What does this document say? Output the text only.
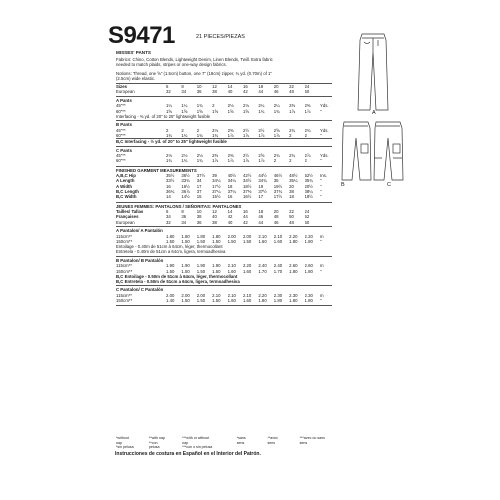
S9471	21 PIECES/PIEZAS
MISSES' PANTS
Fabrics: Chino, Cotton Blends, Lightweight Denim, Linen Blends, Twill. Extra fabric needed to match plaids, stripes or one-way design fabrics.
Notions: Thread, one ⅝" (1.5cm) button, one 7" (18cm) zipper, ¾ yd. (0.70m) of 1" (2.5cm) wide elastic.
Sizes	6	8	10	12	14	16	18	20	22	24	
European	32	34	36	38	40	42	44	46	48	50	
A Pants
45"**	1¼	1¼	1¾	2	2⅛	2⅛	2¼	2¼	2⅜	2⅜	Yds.
60"**	1⅝	1⅝	1⅝	1⅝	1⅝	1⅝	1¾	1¾	1⅞	1⅞	"
Interfacing - ⅜ yd. of 20" to 25" lightweight fusible
B Pants
45"**	2	2	2	2⅛	2⅜	2½	2½	2⅝	2¾	2¾	Yds.
60"**	1¾	1¾	1¾	1¾	1⅞	1⅞	1⅞	1⅞	2	2	"
B,C Interfacing - ½ yd. of 20" to 25" lightweight fusible
C Pants
45"**	2⅛	2⅛	2⅛	2⅜	2⅜	2½	2⅝	2¾	2¾	2⅞	Yds.
60"**	1¾	1¾	1¾	1⅞	1⅞	1⅞	1⅞	2	2	2	"
FINISHED GARMENT MEASUREMENTS
A,B,C Hip	35½	36½	37½	39	40½	42½	44½	46½	48½	52½	Ins.
A Length	33½	33¾	34	34¼	34¼	34½	34¾	35	35¼	35¾	"
A Width	16	16½	17	17½	18	18½	19	19½	20	20½	"
B,C Length	36¾	36⅞	37	37¼	37¼	37⅜	37½	37¾	38	38¼	"
B,C Width	14	14½	15	15½	16	16½	17	17½	18	18½	"
JEUNES FEMMES: PANTALONS / SEÑORITAS: PANTALONES
Tailles/ Tallas	6	8	10	12	14	16	18	20	22	24	
Françaises	34	36	38	40	42	44	46	48	50	52	
European	32	34	36	38	40	42	44	46	48	50	
A Pantalon/ A Pantalón
115cm**	1.80	1.80	1.80	1.80	2.00	2.00	2.10	2.10	2.20	2.20	m
150cm**	1.50	1.50	1.50	1.50	1.50	1.50	1.60	1.60	1.80	1.80	"
Entoilage - 0.40m de 51cm à 64cm, léger, thermocollant
Entretela - 0.40m de 51cm a 64cm, ligera, termoadhesiva
B Pantalon/ B Pantalón
115cm**	1.90	1.90	1.90	1.90	2.10	2.20	2.40	2.40	2.60	2.60	m
150cm**	1.50	1.50	1.50	1.50	1.60	1.60	1.70	1.70	1.80	1.80	"
B,C Entoilage - 0.50m de 51cm à 64cm, léger, thermocollant
B,C Entretela - 0.50m de 51cm a 64cm, ligera, termoadhesiva
C Pantalon/ C Pantalón
115cm**	2.00	2.00	2.00	2.10	2.10	2.10	2.20	2.30	2.30	2.30	m
150cm**	1.40	1.50	1.50	1.50	1.60	1.60	1.80	1.80	1.80	1.80	"
*without nap
*sin pelusa
**with nap
**con pelusa
***with or without nap
***con o sin pelusa
*sans sens
**avec sens
***avec ou sans sens
Instrucciones de costura en Español en el Interior del Patrón.
A
B	C
